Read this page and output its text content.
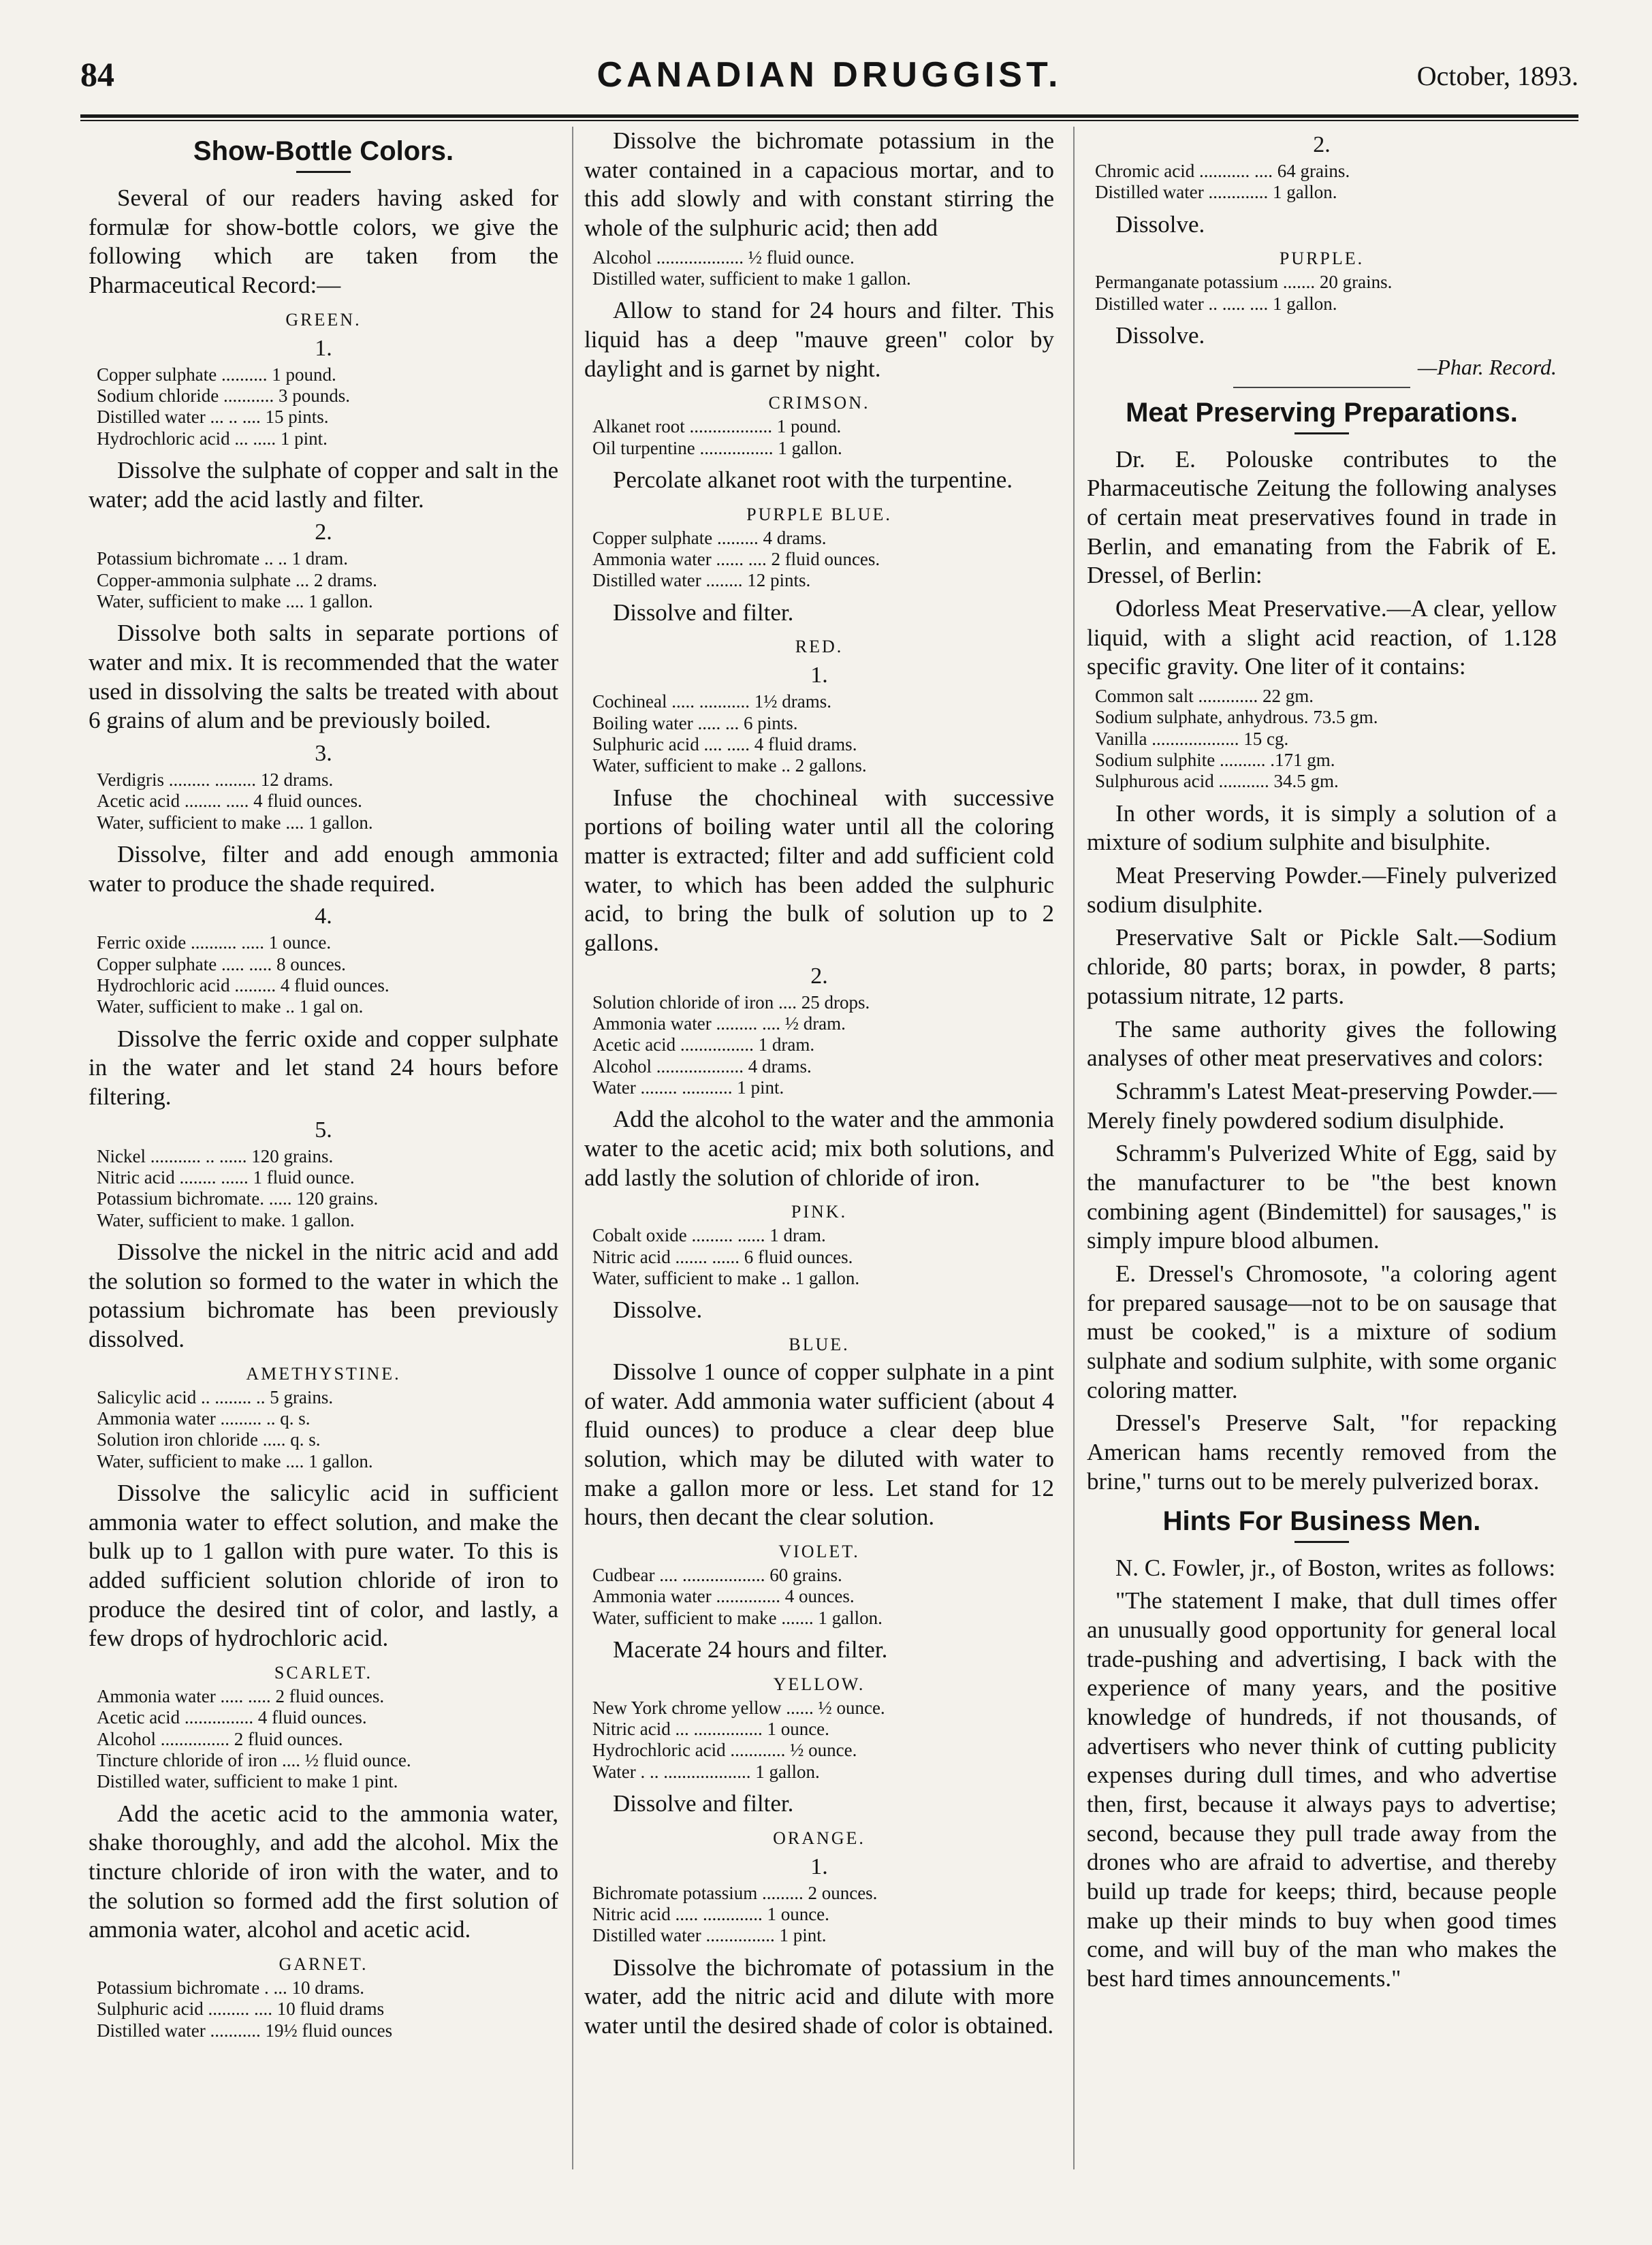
84	CANADIAN DRUGGIST.	October, 1893.
Show-Bottle Colors.
Several of our readers having asked for formulæ for show-bottle colors, we give the following which are taken from the Pharmaceutical Record:—
GREEN.
1.
Copper sulphate .......... 1 pound.
Sodium chloride ........... 3 pounds.
Distilled water ... .. .... 15 pints.
Hydrochloric acid ... ..... 1 pint.
Dissolve the sulphate of copper and salt in the water; add the acid lastly and filter.
2.
Potassium bichromate .. .. 1 dram.
Copper-ammonia sulphate ... 2 drams.
Water, sufficient to make .... 1 gallon.
Dissolve both salts in separate portions of water and mix. It is recommended that the water used in dissolving the salts be treated with about 6 grains of alum and be previously boiled.
3.
Verdigris ......... ......... 12 drams.
Acetic acid ........ ..... 4 fluid ounces.
Water, sufficient to make .... 1 gallon.
Dissolve, filter and add enough ammonia water to produce the shade required.
4.
Ferric oxide .......... ..... 1 ounce.
Copper sulphate ..... ..... 8 ounces.
Hydrochloric acid ......... 4 fluid ounces.
Water, sufficient to make .. 1 gal on.
Dissolve the ferric oxide and copper sulphate in the water and let stand 24 hours before filtering.
5.
Nickel ........... .. ...... 120 grains.
Nitric acid ........ ...... 1 fluid ounce.
Potassium bichromate. ..... 120 grains.
Water, sufficient to make. 1 gallon.
Dissolve the nickel in the nitric acid and add the solution so formed to the water in which the potassium bichromate has been previously dissolved.
AMETHYSTINE.
Salicylic acid .. ........ .. 5 grains.
Ammonia water ......... .. q. s.
Solution iron chloride ..... q. s.
Water, sufficient to make .... 1 gallon.
Dissolve the salicylic acid in sufficient ammonia water to effect solution, and make the bulk up to 1 gallon with pure water. To this is added sufficient solution chloride of iron to produce the desired tint of color, and lastly, a few drops of hydrochloric acid.
SCARLET.
Ammonia water ..... ..... 2 fluid ounces.
Acetic acid ............... 4 fluid ounces.
Alcohol ............... 2 fluid ounces.
Tincture chloride of iron .... ½ fluid ounce.
Distilled water, sufficient to make 1 pint.
Add the acetic acid to the ammonia water, shake thoroughly, and add the alcohol. Mix the tincture chloride of iron with the water, and to the solution so formed add the first solution of ammonia water, alcohol and acetic acid.
GARNET.
Potassium bichromate . ... 10 drams.
Sulphuric acid ......... .... 10 fluid drams
Distilled water ........... 19½ fluid ounces
Dissolve the bichromate potassium in the water contained in a capacious mortar, and to this add slowly and with constant stirring the whole of the sulphuric acid; then add
Alcohol ................... ½ fluid ounce.
Distilled water, sufficient to make 1 gallon.
Allow to stand for 24 hours and filter. This liquid has a deep "mauve green" color by daylight and is garnet by night.
CRIMSON.
Alkanet root .................. 1 pound.
Oil turpentine ................ 1 gallon.
Percolate alkanet root with the turpentine.
PURPLE BLUE.
Copper sulphate ......... 4 drams.
Ammonia water ...... .... 2 fluid ounces.
Distilled water ........ 12 pints.
Dissolve and filter.
RED.
1.
Cochineal ..... ........... 1½ drams.
Boiling water ..... ... 6 pints.
Sulphuric acid .... ..... 4 fluid drams.
Water, sufficient to make .. 2 gallons.
Infuse the chochineal with successive portions of boiling water until all the coloring matter is extracted; filter and add sufficient cold water, to which has been added the sulphuric acid, to bring the bulk of solution up to 2 gallons.
2.
Solution chloride of iron .... 25 drops.
Ammonia water ......... .... ½ dram.
Acetic acid ................ 1 dram.
Alcohol ................... 4 drams.
Water ........ ........... 1 pint.
Add the alcohol to the water and the ammonia water to the acetic acid; mix both solutions, and add lastly the solution of chloride of iron.
PINK.
Cobalt oxide ......... ...... 1 dram.
Nitric acid ....... ...... 6 fluid ounces.
Water, sufficient to make .. 1 gallon.
Dissolve.
BLUE.
Dissolve 1 ounce of copper sulphate in a pint of water. Add ammonia water sufficient (about 4 fluid ounces) to produce a clear deep blue solution, which may be diluted with water to make a gallon more or less. Let stand for 12 hours, then decant the clear solution.
VIOLET.
Cudbear .... .................. 60 grains.
Ammonia water .............. 4 ounces.
Water, sufficient to make ....... 1 gallon.
Macerate 24 hours and filter.
YELLOW.
New York chrome yellow ...... ½ ounce.
Nitric acid ... ............... 1 ounce.
Hydrochloric acid ............ ½ ounce.
Water . .. ................... 1 gallon.
Dissolve and filter.
ORANGE.
1.
Bichromate potassium ......... 2 ounces.
Nitric acid ..... ............. 1 ounce.
Distilled water ............... 1 pint.
Dissolve the bichromate of potassium in the water, add the nitric acid and dilute with more water until the desired shade of color is obtained.
2.
Chromic acid ........... .... 64 grains.
Distilled water ............. 1 gallon.
Dissolve.
PURPLE.
Permanganate potassium ....... 20 grains.
Distilled water .. ..... .... 1 gallon.
Dissolve.
—Phar. Record.
Meat Preserving Preparations.
Dr. E. Polouske contributes to the Pharmaceutische Zeitung the following analyses of certain meat preservatives found in trade in Berlin, and emanating from the Fabrik of E. Dressel, of Berlin:
Odorless Meat Preservative.—A clear, yellow liquid, with a slight acid reaction, of 1.128 specific gravity. One liter of it contains:
Common salt ............. 22 gm.
Sodium sulphate, anhydrous. 73.5 gm.
Vanilla ................... 15 cg.
Sodium sulphite .......... .171 gm.
Sulphurous acid ........... 34.5 gm.
In other words, it is simply a solution of a mixture of sodium sulphite and bisulphite.
Meat Preserving Powder.—Finely pulverized sodium disulphite.
Preservative Salt or Pickle Salt.—Sodium chloride, 80 parts; borax, in powder, 8 parts; potassium nitrate, 12 parts.
The same authority gives the following analyses of other meat preservatives and colors:
Schramm's Latest Meat-preserving Powder.—Merely finely powdered sodium disulphide.
Schramm's Pulverized White of Egg, said by the manufacturer to be "the best known combining agent (Bindemittel) for sausages," is simply impure blood albumen.
E. Dressel's Chromosote, "a coloring agent for prepared sausage—not to be on sausage that must be cooked," is a mixture of sodium sulphate and sodium sulphite, with some organic coloring matter.
Dressel's Preserve Salt, "for repacking American hams recently removed from the brine," turns out to be merely pulverized borax.
Hints For Business Men.
N. C. Fowler, jr., of Boston, writes as follows:
"The statement I make, that dull times offer an unusually good opportunity for general local trade-pushing and advertising, I back with the experience of many years, and the positive knowledge of hundreds, if not thousands, of advertisers who never think of cutting publicity expenses during dull times, and who advertise then, first, because it always pays to advertise; second, because they pull trade away from the drones who are afraid to advertise, and thereby build up trade for keeps; third, because people make up their minds to buy when good times come, and will buy of the man who makes the best hard times announcements."
